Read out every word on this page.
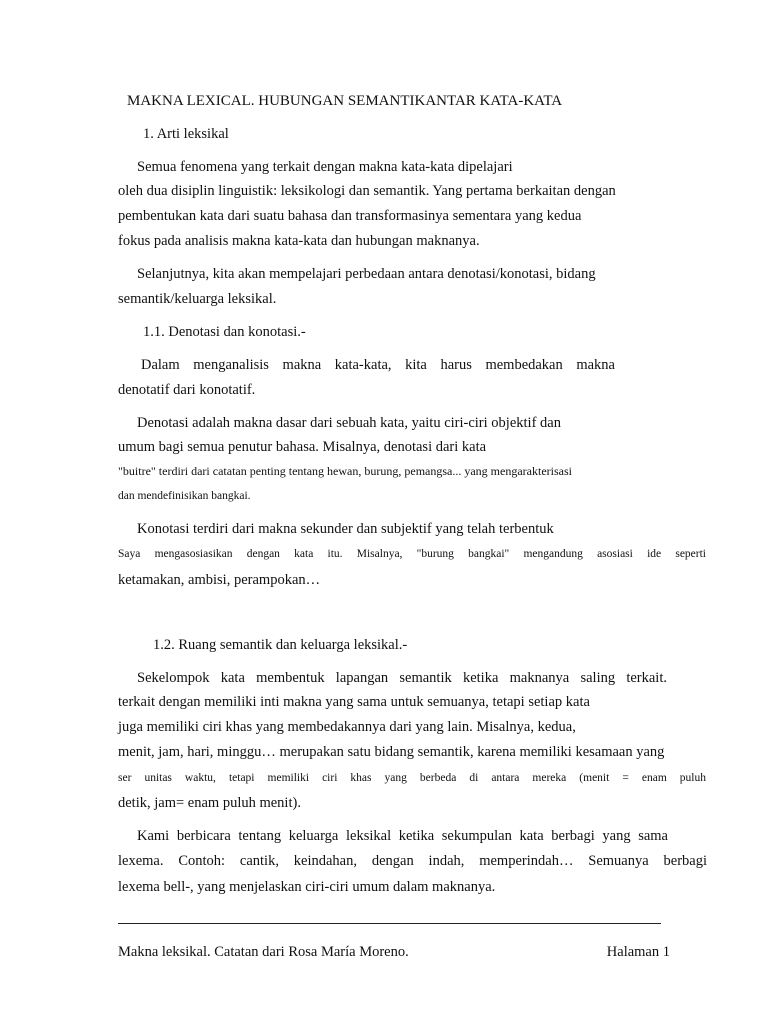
MAKNA LEXICAL. HUBUNGAN SEMANTIKANTAR KATA-KATA
1. Arti leksikal
Semua fenomena yang terkait dengan makna kata-kata dipelajari
oleh dua disiplin linguistik: leksikologi dan semantik. Yang pertama berkaitan dengan
pembentukan kata dari suatu bahasa dan transformasinya sementara yang kedua
fokus pada analisis makna kata-kata dan hubungan maknanya.
Selanjutnya, kita akan mempelajari perbedaan antara denotasi/konotasi, bidang
semantik/keluarga leksikal.
1.1. Denotasi dan konotasi.-
Dalam menganalisis makna kata-kata, kita harus membedakan makna
denotatif dari konotatif.
Denotasi adalah makna dasar dari sebuah kata, yaitu ciri-ciri objektif dan
umum bagi semua penutur bahasa. Misalnya, denotasi dari kata
"buitre" terdiri dari catatan penting tentang hewan, burung, pemangsa... yang mengarakterisasi
dan mendefinisikan bangkai.
Konotasi terdiri dari makna sekunder dan subjektif yang telah terbentuk
Saya mengasosiasikan dengan kata itu. Misalnya, "burung bangkai" mengandung asosiasi ide seperti
ketamakan, ambisi, perampokan…
1.2. Ruang semantik dan keluarga leksikal.-
Sekelompok kata membentuk lapangan semantik ketika maknanya saling terkait.
terkait dengan memiliki inti makna yang sama untuk semuanya, tetapi setiap kata
juga memiliki ciri khas yang membedakannya dari yang lain. Misalnya, kedua,
menit, jam, hari, minggu… merupakan satu bidang semantik, karena memiliki kesamaan yang
ser unitas waktu, tetapi memiliki ciri khas yang berbeda di antara mereka (menit = enam puluh
detik, jam= enam puluh menit).
Kami berbicara tentang keluarga leksikal ketika sekumpulan kata berbagi yang sama
lexema. Contoh: cantik, keindahan, dengan indah, memperindah… Semuanya berbagi
lexema bell-, yang menjelaskan ciri-ciri umum dalam maknanya.
Makna leksikal. Catatan dari Rosa María Moreno.	Halaman 1
